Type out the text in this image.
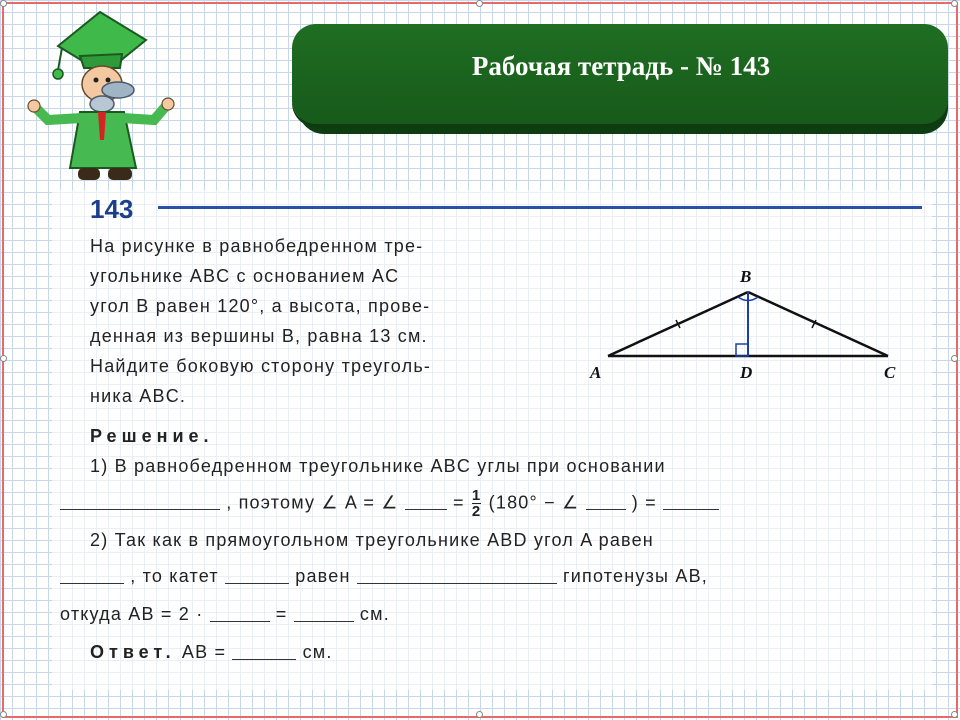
Рабочая тетрадь - № 143
143
На рисунке в равнобедренном тре-
угольнике ABC с основанием AC
угол B равен 120°, а высота, прове-
денная из вершины B, равна 13 см.
Найдите боковую сторону треуголь-
ника ABC.
B
A	D	C
Решение.
1) В равнобедренном треугольнике ABC углы при основании
, поэтому ∠ A = ∠	= $\frac{1}{2} (180^\circ$ − ∠	) =
2) Так как в прямоугольном треугольнике ABD угол A равен
, то катет	равен	гипотенузы AB,
откуда AB = 2 ·	=	см.
Ответ. AB =	см.
